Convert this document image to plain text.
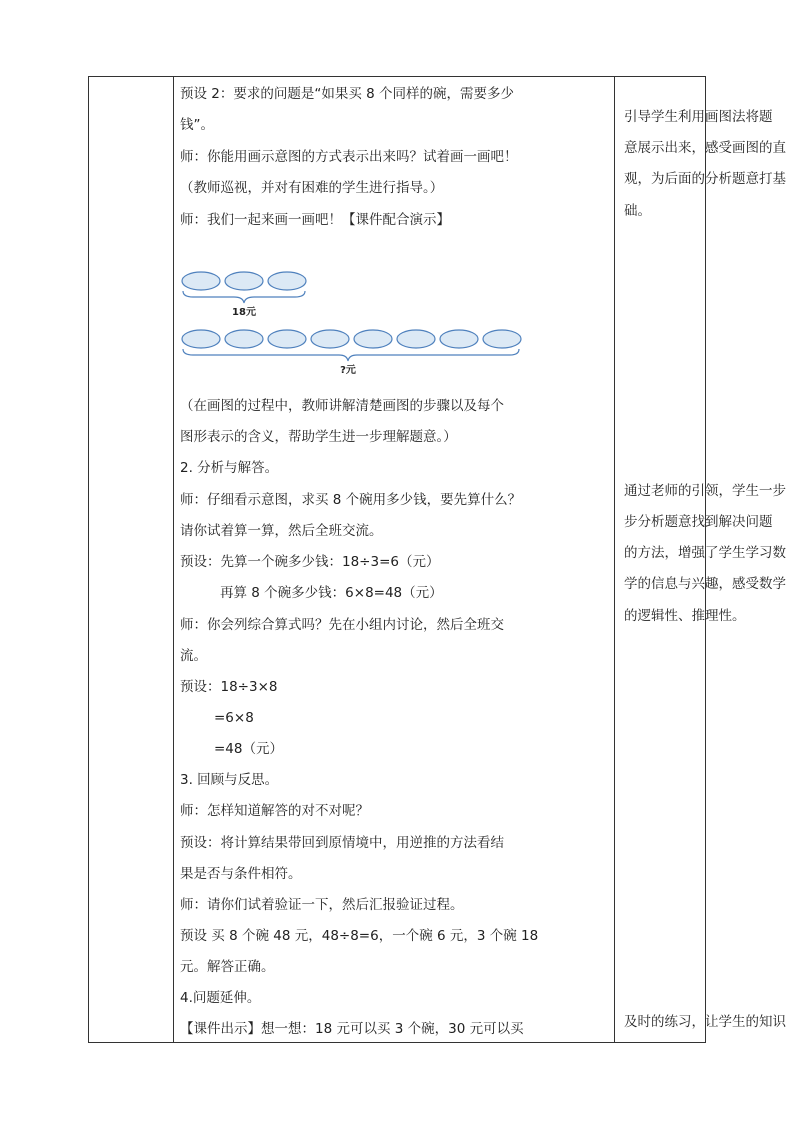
预设 2：要求的问题是“如果买 8 个同样的碗，需要多少
钱”。
师：你能用画示意图的方式表示出来吗？试着画一画吧！
（教师巡视，并对有困难的学生进行指导。）
师：我们一起来画一画吧！【课件配合演示】
18元
?元
（在画图的过程中，教师讲解清楚画图的步骤以及每个
图形表示的含义，帮助学生进一步理解题意。）
2. 分析与解答。
师：仔细看示意图，求买 8 个碗用多少钱，要先算什么？
请你试着算一算，然后全班交流。
预设：先算一个碗多少钱：18÷3=6（元）
再算 8 个碗多少钱：6×8=48（元）
师：你会列综合算式吗？先在小组内讨论，然后全班交
流。
预设：18÷3×8
=6×8
=48（元）
3. 回顾与反思。
师：怎样知道解答的对不对呢？
预设：将计算结果带回到原情境中，用逆推的方法看结
果是否与条件相符。
师：请你们试着验证一下，然后汇报验证过程。
预设 买 8 个碗 48 元，48÷8=6，一个碗 6 元，3 个碗 18
元。解答正确。
4.问题延伸。
【课件出示】想一想：18 元可以买 3 个碗，30 元可以买
引导学生利用画图法将题
意展示出来，感受画图的直
观，为后面的分析题意打基
础。
通过老师的引领，学生一步
步分析题意找到解决问题
的方法，增强了学生学习数
学的信息与兴趣，感受数学
的逻辑性、推理性。
及时的练习，让学生的知识
